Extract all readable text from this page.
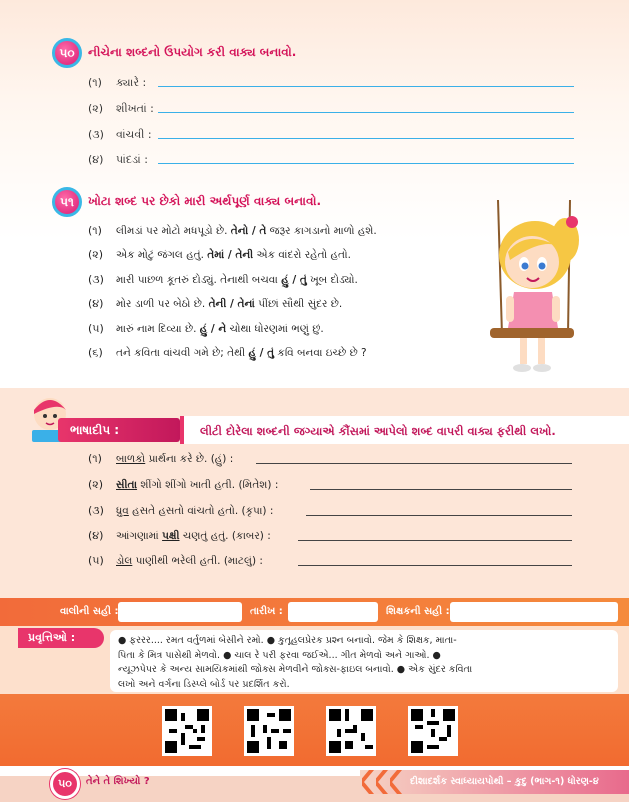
૫૦ નીચેના શબ્દનો ઉપયોગ કરી વાક્ય બનાવો.
(૧) ક્યારે :
(૨) શીખતાં :
(૩) વાંચવી :
(૪) પાંદડાં :
૫૧ ખોટા શબ્દ પર છેકો મારી અર્થપૂર્ણ વાક્ય બનાવો.
(૧) લીમડાં પર મોટો મધપૂડો છે. તેનો / તે જરૂર કાગડાનો માળો હશે.
(૨) એક મોટું જંગલ હતું. તેમાં / તેની એક વાંદરો રહેતો હતો.
(૩) મારી પાછળ કૂતરું દોડ્યું. તેનાથી બચવા હું / તું ખૂબ દોડ્યો.
(૪) મોર ડાળી પર બેઠો છે. તેની / તેનાં પીંછાં સૌથી સુંદર છે.
(૫) મારું નામ દિવ્યા છે. હું / ને ચોથા ધોરણમાં ભણું છું.
(૬) તને કવિતા વાંચવી ગમે છે; તેથી હું / તું કવિ બનવા ઇચ્છે છે ?
ભાષાદીપ :	લીટી દોરેલા શબ્દની જગ્યાએ કૌંસમાં આપેલો શબ્દ વાપરી વાક્ય ફરીથી લખો.
(૧) બાળકો પ્રાર્થના કરે છે. (હું) :
(૨) સીતા શીંગો શીંગો ખાતી હતી. (મિતેશ) :
(૩) ધ્રુવ હસતે હસતો વાંચતો હતો. (કૃપા) :
(૪) આંગણામાં પક્ષી ચણતું હતું. (કાબર) :
(૫) ડોલ પાણીથી ભરેલી હતી. (માટલું) :
વાલીની સહી :	તારીખ :	શિક્ષકની સહી :
પ્રવૃત્તિઓ :	● ફરરર.... રમત વર્તુળમાં બેસીને રમો. ● કુતૂહલપ્રેરક પ્રશ્ન બનાવો. જેમ કે શિક્ષક, માતા-
પિતા કે મિત્ર પાસેથી મેળવો. ● ચાલ રે પરી ફરવા જઈએ... ગીત મેળવો અને ગાઓ. ●
ન્યૂઝપેપર કે અન્ય સામયિકમાંથી જોક્સ મેળવીને જોક્સ-ફાઇલ બનાવો. ● એક સુંદર કવિતા
લખો અને વર્ગના ડિસ્પ્લે બોર્ડ પર પ્રદર્શિત કરો.
૫૦	તેને તે શિખ્યો ?	દીશાદર્શક સ્વાધ્યાયપોથી – કુદુ (ભાગ-૧) ધોરણ-૪
